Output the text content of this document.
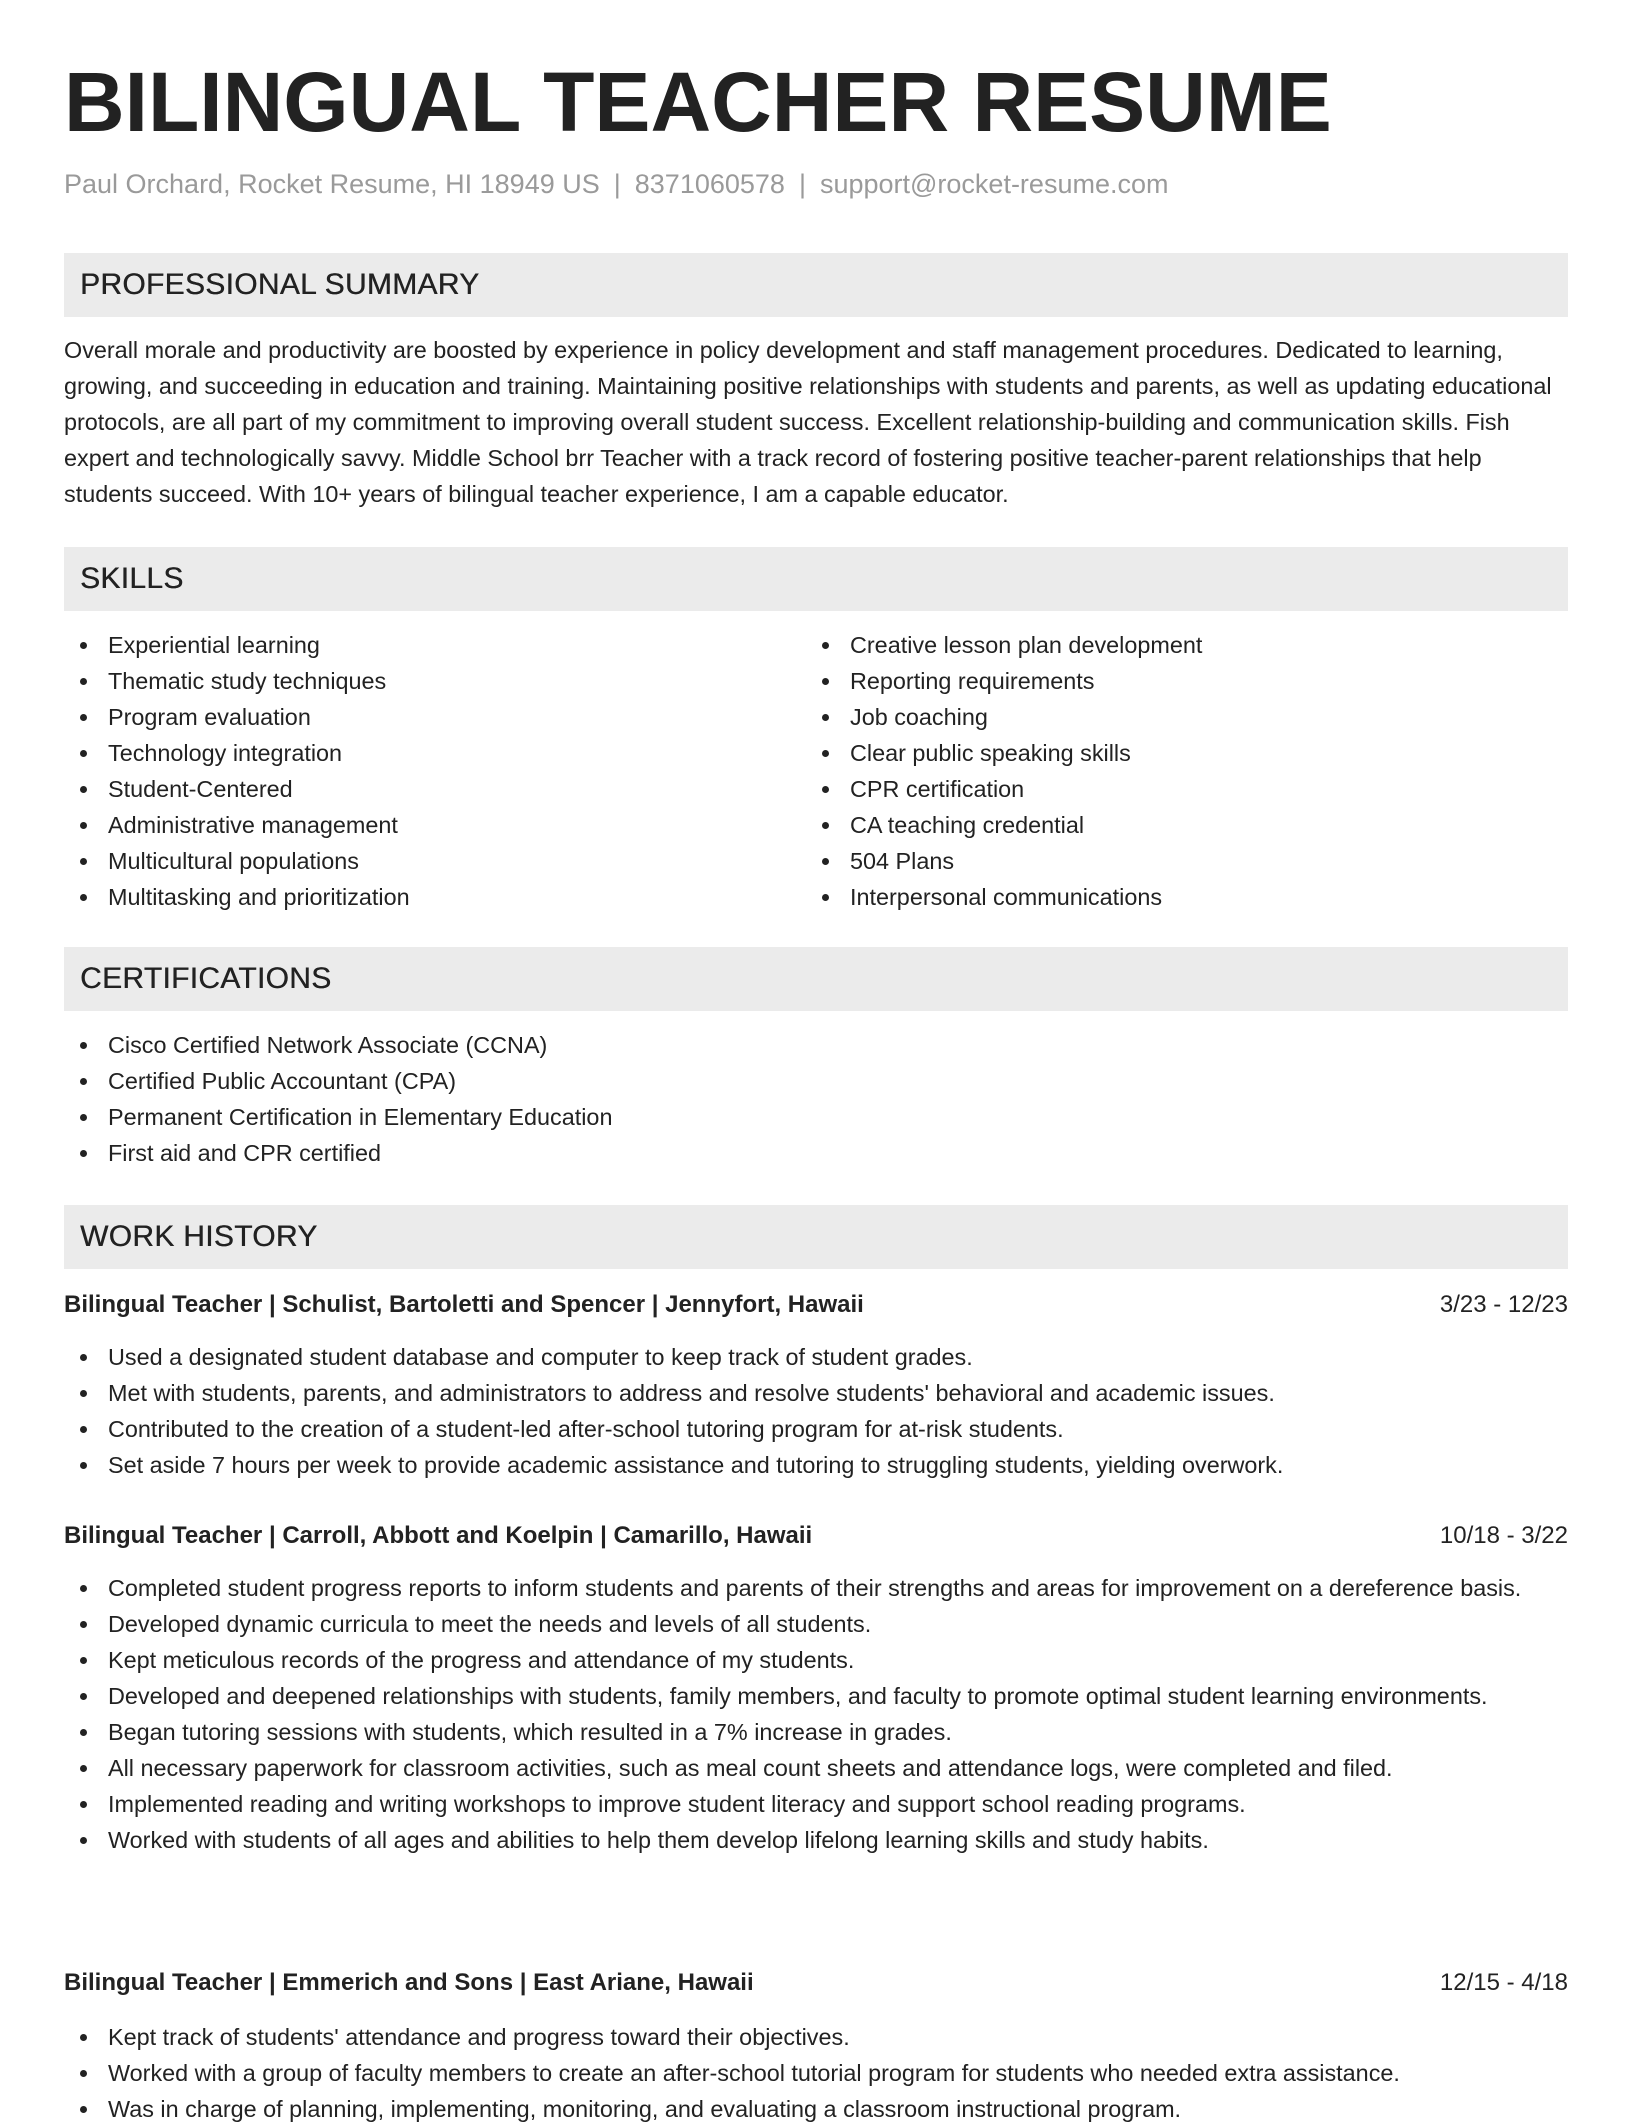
BILINGUAL TEACHER RESUME
Paul Orchard, Rocket Resume, HI 18949 US | 8371060578 | support@rocket-resume.com
PROFESSIONAL SUMMARY

Overall morale and productivity are boosted by experience in policy development and staff management procedures. Dedicated to learning, growing, and succeeding in education and training. Maintaining positive relationships with students and parents, as well as updating educational protocols, are all part of my commitment to improving overall student success. Excellent relationship-building and communication skills. Fish expert and technologically savvy. Middle School brr Teacher with a track record of fostering positive teacher-parent relationships that help students succeed. With 10+ years of bilingual teacher experience, I am a capable educator.

SKILLS
Experiential learning
Thematic study techniques
Program evaluation
Technology integration
Student-Centered
Administrative management
Multicultural populations
Multitasking and prioritization
Creative lesson plan development
Reporting requirements
Job coaching
Clear public speaking skills
CPR certification
CA teaching credential
504 Plans
Interpersonal communications
CERTIFICATIONS
Cisco Certified Network Associate (CCNA)
Certified Public Accountant (CPA)
Permanent Certification in Elementary Education
First aid and CPR certified
WORK HISTORY
Bilingual Teacher | Schulist, Bartoletti and Spencer | Jennyfort, Hawaii	3/23 - 12/23
Used a designated student database and computer to keep track of student grades.
Met with students, parents, and administrators to address and resolve students' behavioral and academic issues.
Contributed to the creation of a student-led after-school tutoring program for at-risk students.
Set aside 7 hours per week to provide academic assistance and tutoring to struggling students, yielding overwork.
Bilingual Teacher | Carroll, Abbott and Koelpin | Camarillo, Hawaii	10/18 - 3/22
Completed student progress reports to inform students and parents of their strengths and areas for improvement on a dereference basis.
Developed dynamic curricula to meet the needs and levels of all students.
Kept meticulous records of the progress and attendance of my students.
Developed and deepened relationships with students, family members, and faculty to promote optimal student learning environments.
Began tutoring sessions with students, which resulted in a 7% increase in grades.
All necessary paperwork for classroom activities, such as meal count sheets and attendance logs, were completed and filed.
Implemented reading and writing workshops to improve student literacy and support school reading programs.
Worked with students of all ages and abilities to help them develop lifelong learning skills and study habits.
Bilingual Teacher | Emmerich and Sons | East Ariane, Hawaii	12/15 - 4/18
Kept track of students' attendance and progress toward their objectives.
Worked with a group of faculty members to create an after-school tutorial program for students who needed extra assistance.
Was in charge of planning, implementing, monitoring, and evaluating a classroom instructional program.
